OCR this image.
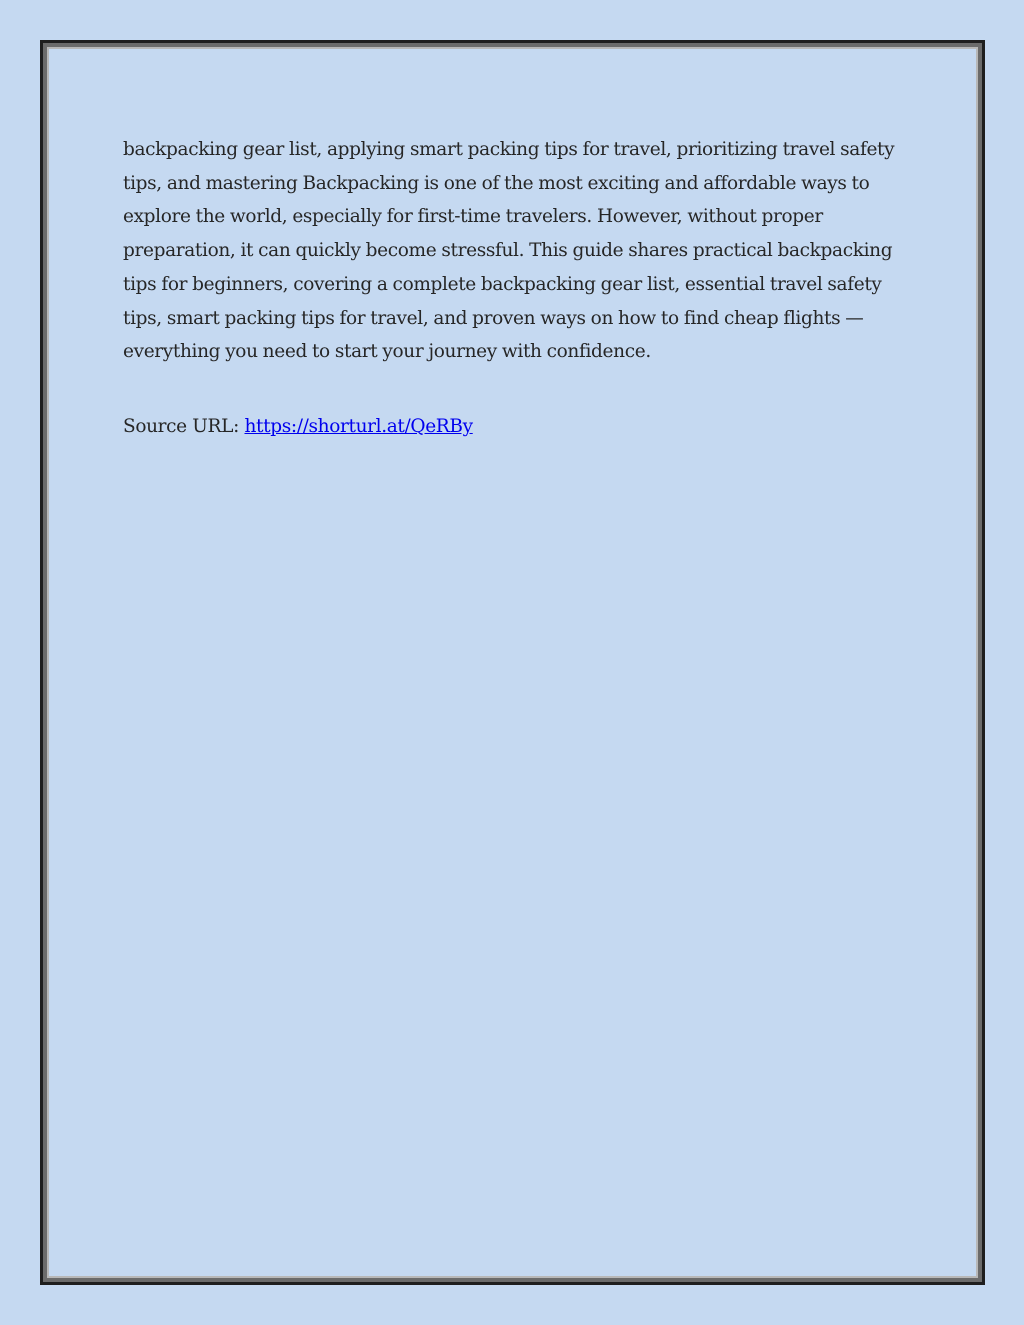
backpacking gear list, applying smart packing tips for travel, prioritizing travel safety tips, and mastering Backpacking is one of the most exciting and affordable ways to explore the world, especially for first-time travelers. However, without proper preparation, it can quickly become stressful. This guide shares practical backpacking tips for beginners, covering a complete backpacking gear list, essential travel safety tips, smart packing tips for travel, and proven ways on how to find cheap flights — everything you need to start your journey with confidence.

Source URL: https://shorturl.at/QeRBy
